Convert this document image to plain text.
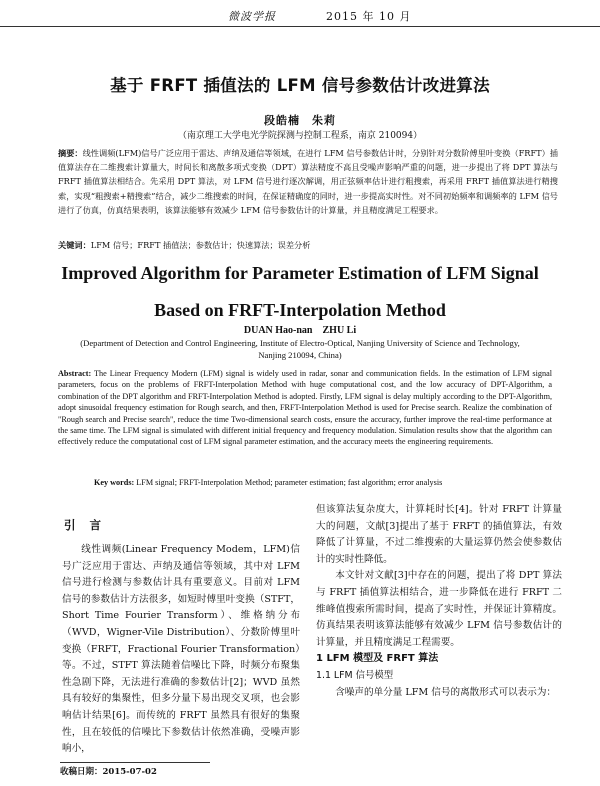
微波学报	2015 年 10 月
基于 FRFT 插值法的 LFM 信号参数估计改进算法
段皓楠　朱莉
（南京理工大学电光学院探测与控制工程系，南京 210094）
摘要：线性调频(LFM)信号广泛应用于雷达、声纳及通信等领域，在进行 LFM 信号参数估计时，分别针对分数阶傅里叶变换（FRFT）插值算法存在二维搜索计算量大，时间长和离散多项式变换（DPT）算法精度不高且受噪声影响严重的问题，进一步提出了将 DPT 算法与 FRFT 插值算法相结合。先采用 DPT 算法，对 LFM 信号进行逐次解调，用正弦频率估计进行粗搜索，再采用 FRFT 插值算法进行精搜索，实现“粗搜索+精搜索”结合，减少二维搜索的时间，在保证精确度的同时，进一步提高实时性。对不同初始频率和调频率的 LFM 信号进行了仿真，仿真结果表明，该算法能够有效减少 LFM 信号参数估计的计算量，并且精度满足工程要求。
关键词：LFM 信号；FRFT 插值法；参数估计；快速算法；误差分析
Improved Algorithm for Parameter Estimation of LFM Signal
Based on FRFT-Interpolation Method
DUAN Hao-nan　ZHU Li
(Department of Detection and Control Engineering, Institute of Electro-Optical, Nanjing University of Science and Technology, Nanjing 210094, China)
Abstract: The Linear Frequency Modern (LFM) signal is widely used in radar, sonar and communication fields. In the estimation of LFM signal parameters, focus on the problems of FRFT-Interpolation Method with huge computational cost, and the low accuracy of DPT-Algorithm, a combination of the DPT algorithm and FRFT-Interpolation Method is adopted. Firstly, LFM signal is delay multiply according to the DPT-Algorithm, adopt sinusoidal frequency estimation for Rough search, and then, FRFT-Interpolation Method is used for Precise search. Realize the combination of "Rough search and Precise search", reduce the time Two-dimensional search costs, ensure the accuracy, further improve the real-time performance at the same time. The LFM signal is simulated with different initial frequency and frequency modulation. Simulation results show that the algorithm can effectively reduce the computational cost of LFM signal parameter estimation, and the accuracy meets the engineering requirements.
Key words: LFM signal; FRFT-Interpolation Method; parameter estimation; fast algorithm; error analysis
引言

线性调频(Linear Frequency Modem，LFM)信号广泛应用于雷达、声纳及通信等领域，其中对 LFM 信号进行检测与参数估计具有重要意义。目前对 LFM 信号的参数估计方法很多，如短时傅里叶变换（STFT，Short Time Fourier Transform）、维格纳分布（WVD，Wigner-Vile Distribution）、分数阶傅里叶变换（FRFT，Fractional Fourier Transformation）等。不过，STFT 算法随着信噪比下降，时频分布聚集性急剧下降，无法进行准确的参数估计[2]；WVD 虽然具有较好的集聚性，但多分量下易出现交叉项，也会影响估计结果[6]。而传统的 FRFT 虽然具有很好的集聚性，且在较低的信噪比下参数估计依然准确，受噪声影响小，

但该算法复杂度大，计算耗时长[4]。针对 FRFT 计算量大的问题，文献[3]提出了基于 FRFT 的插值算法，有效降低了计算量，不过二维搜索的大量运算仍然会使参数估计的实时性降低。

本文针对文献[3]中存在的问题，提出了将 DPT 算法与 FRFT 插值算法相结合，进一步降低在进行 FRFT 二维峰值搜索所需时间，提高了实时性，并保证计算精度。仿真结果表明该算法能够有效减少 LFM 信号参数估计的计算量，并且精度满足工程需要。

1 LFM 模型及 FRFT 算法

1.1 LFM 信号模型

含噪声的单分量 LFM 信号的离散形式可以表示为：

收稿日期：2015-07-02
